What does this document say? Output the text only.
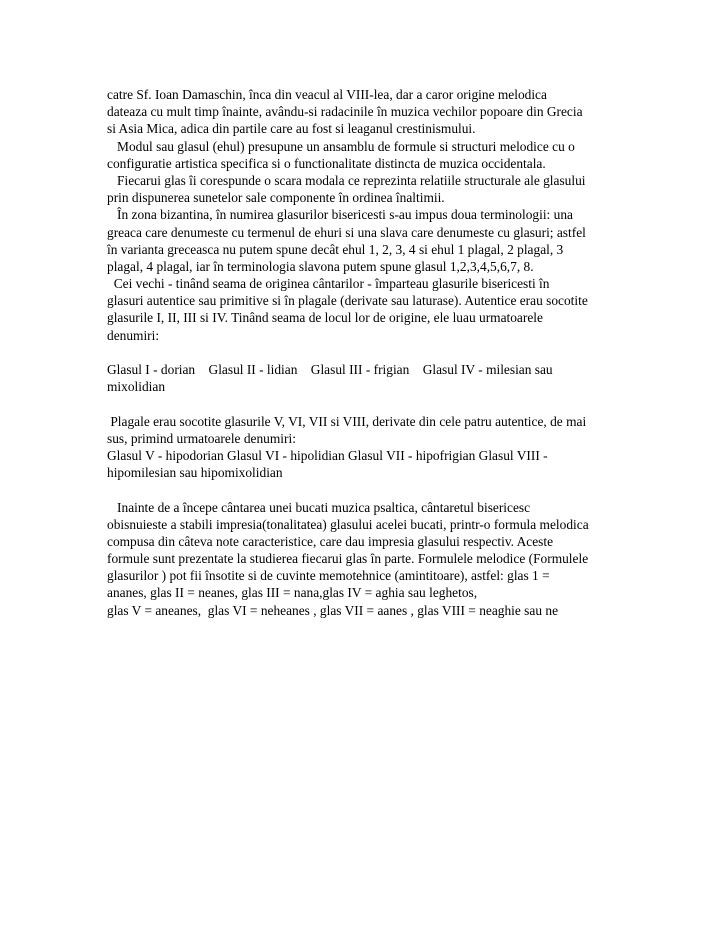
catre Sf. Ioan Damaschin, înca din veacul al VIII-lea, dar a caror origine melodica
dateaza cu mult timp înainte, avându-si radacinile în muzica vechilor popoare din Grecia
si Asia Mica, adica din partile care au fost si leaganul crestinismului.
Modul sau glasul (ehul) presupune un ansamblu de formule si structuri melodice cu o
configuratie artistica specifica si o functionalitate distincta de muzica occidentala.
Fiecarui glas îi corespunde o scara modala ce reprezinta relatiile structurale ale glasului
prin dispunerea sunetelor sale componente în ordinea înaltimii.
În zona bizantina, în numirea glasurilor bisericesti s-au impus doua terminologii: una
greaca care denumeste cu termenul de ehuri si una slava care denumeste cu glasuri; astfel
în varianta greceasca nu putem spune decât ehul 1, 2, 3, 4 si ehul 1 plagal, 2 plagal, 3
plagal, 4 plagal, iar în terminologia slavona putem spune glasul 1,2,3,4,5,6,7, 8.
Cei vechi - tinând seama de originea cântarilor - împarteau glasurile bisericesti în
glasuri autentice sau primitive si în plagale (derivate sau laturase). Autentice erau socotite
glasurile I, II, III si IV. Tinând seama de locul lor de origine, ele luau urmatoarele
denumiri:
Glasul I - dorian    Glasul II - lidian    Glasul III - frigian    Glasul IV - milesian sau
mixolidian
Plagale erau socotite glasurile V, VI, VII si VIII, derivate din cele patru autentice, de mai
sus, primind urmatoarele denumiri:
Glasul V - hipodorian Glasul VI - hipolidian Glasul VII - hipofrigian Glasul VIII -
hipomilesian sau hipomixolidian
Inainte de a începe cântarea unei bucati muzica psaltica, cântaretul bisericesc
obisnuieste a stabili impresia(tonalitatea) glasului acelei bucati, printr-o formula melodica
compusa din câteva note caracteristice, care dau impresia glasului respectiv. Aceste
formule sunt prezentate la studierea fiecarui glas în parte. Formulele melodice (Formulele
glasurilor ) pot fii însotite si de cuvinte memotehnice (amintitoare), astfel: glas 1 =
ananes, glas II = neanes, glas III = nana,glas IV = aghia sau leghetos,
glas V = aneanes,  glas VI = neheanes , glas VII = aanes , glas VIII = neaghie sau ne
